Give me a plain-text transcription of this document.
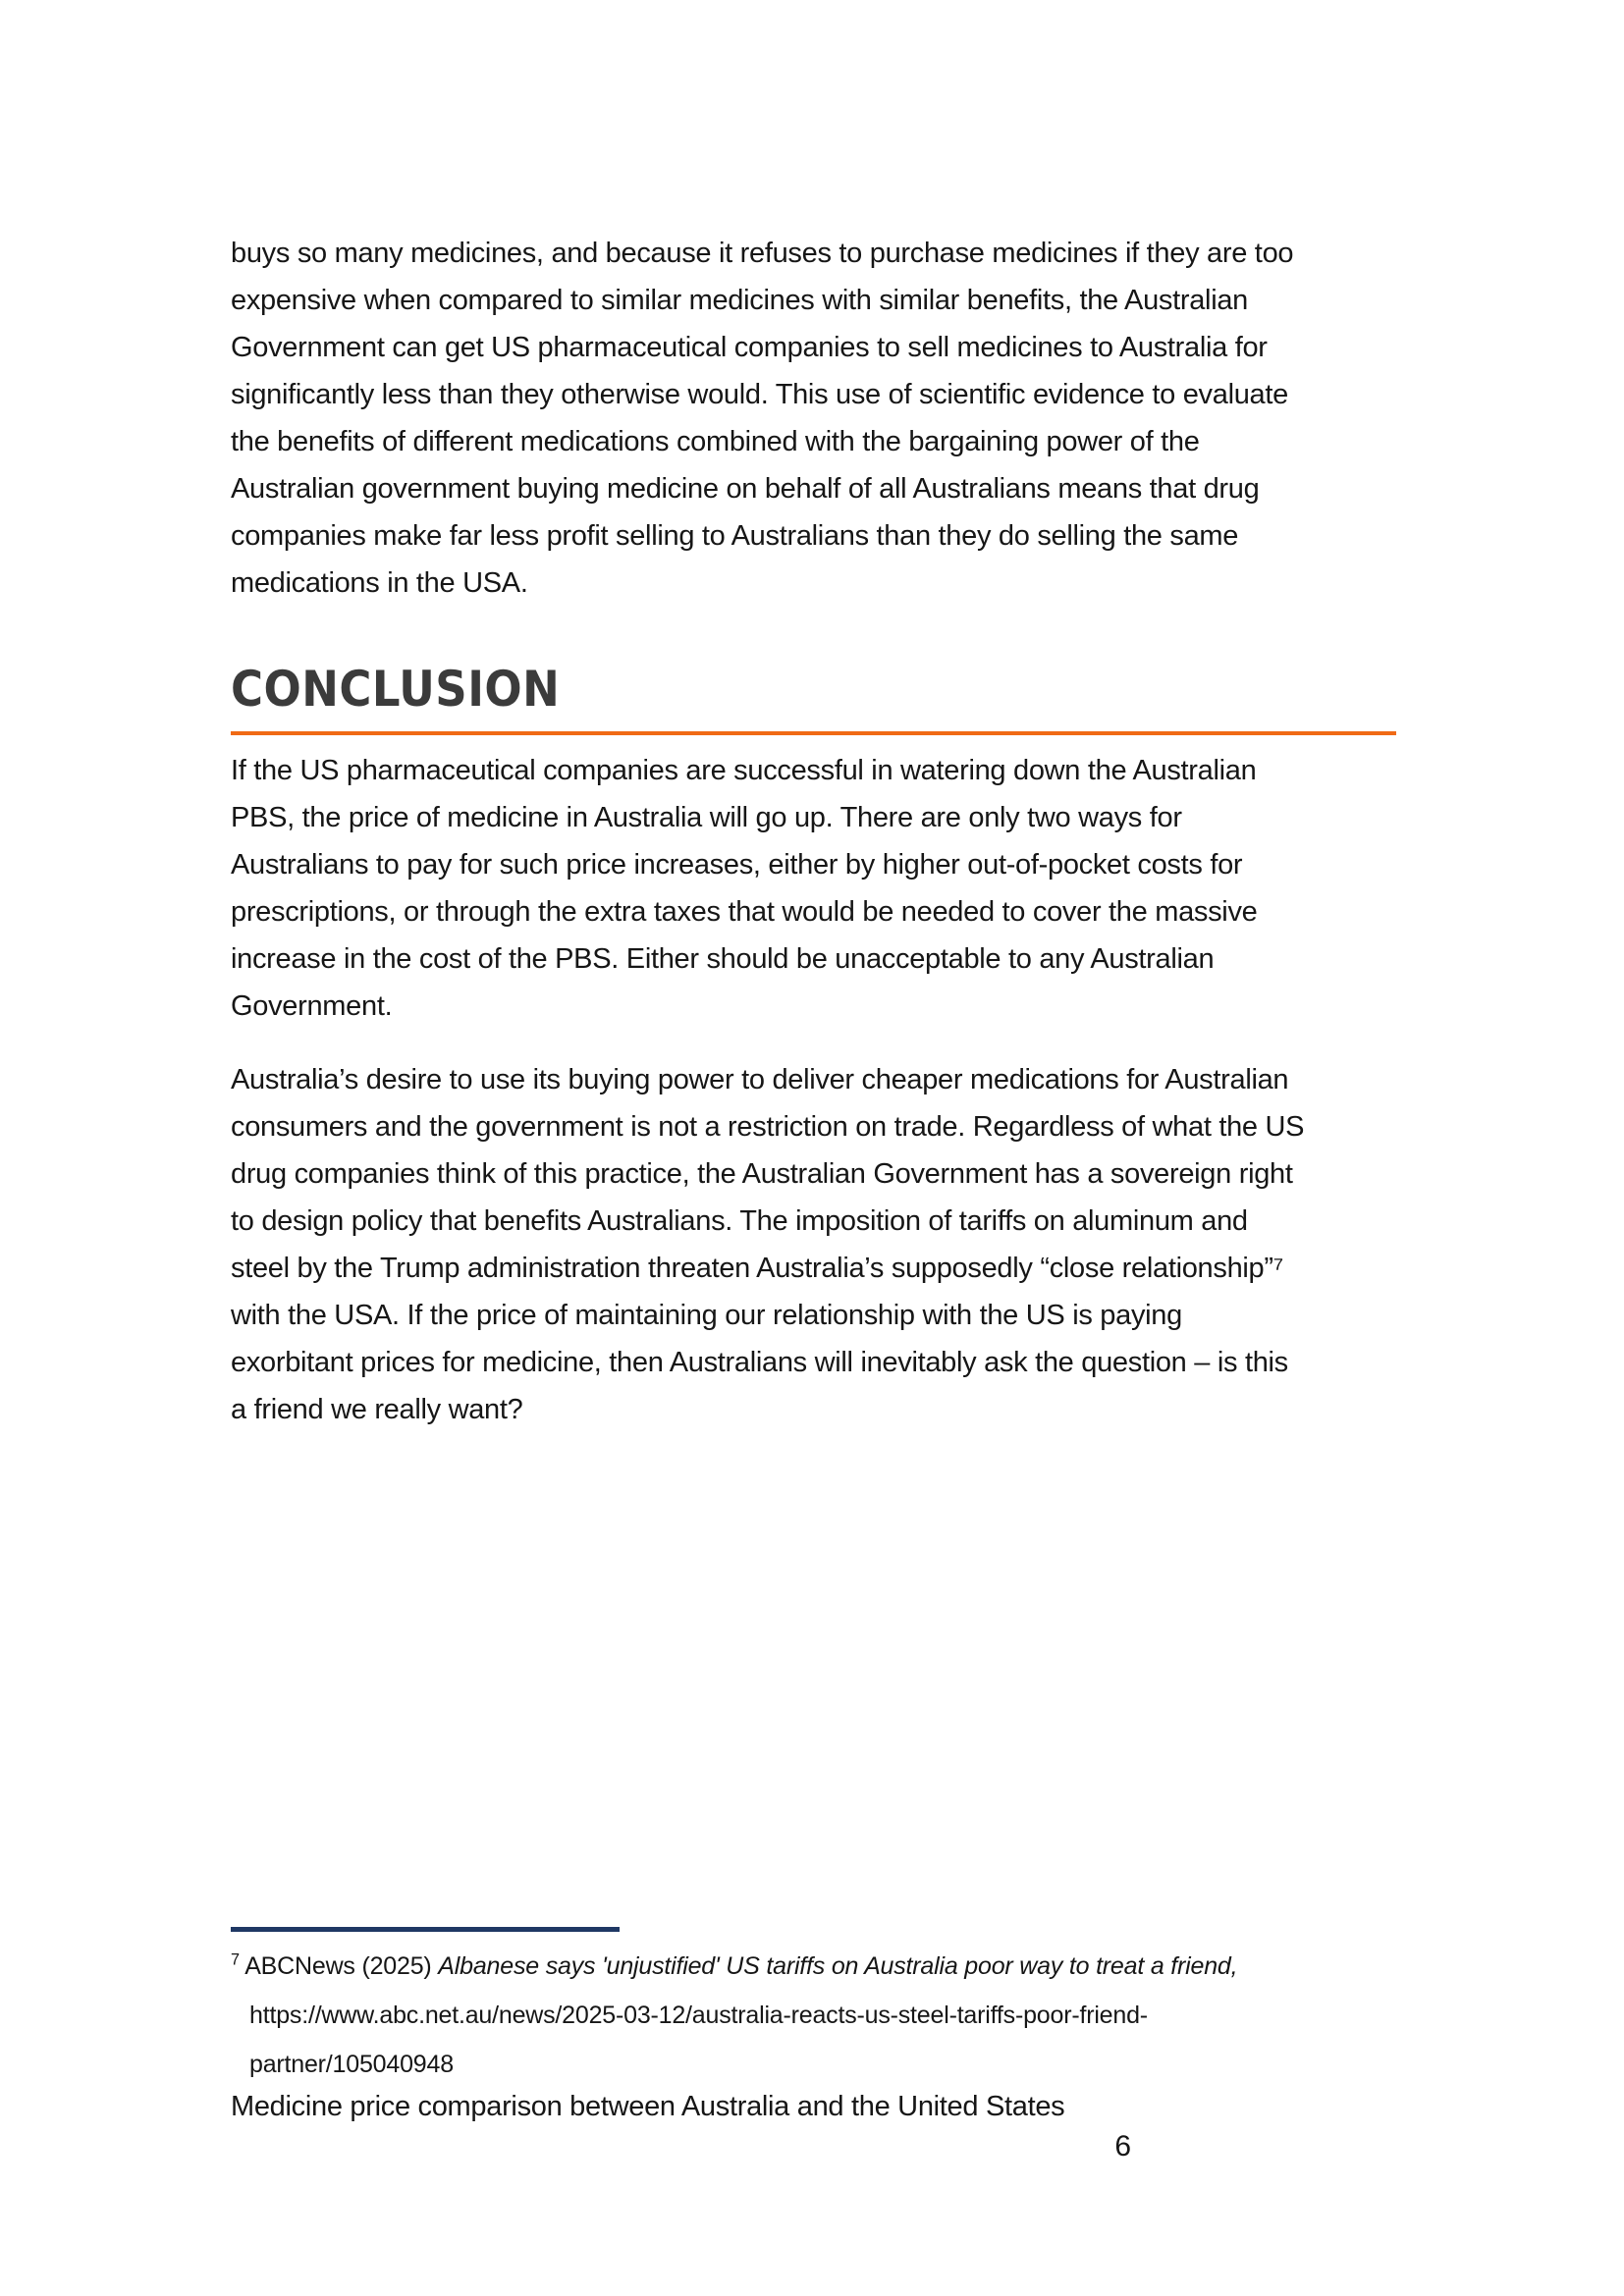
buys so many medicines, and because it refuses to purchase medicines if they are too
expensive when compared to similar medicines with similar benefits, the Australian
Government can get US pharmaceutical companies to sell medicines to Australia for
significantly less than they otherwise would. This use of scientific evidence to evaluate
the benefits of different medications combined with the bargaining power of the
Australian government buying medicine on behalf of all Australians means that drug
companies make far less profit selling to Australians than they do selling the same
medications in the USA.
CONCLUSION
If the US pharmaceutical companies are successful in watering down the Australian
PBS, the price of medicine in Australia will go up. There are only two ways for
Australians to pay for such price increases, either by higher out-of-pocket costs for
prescriptions, or through the extra taxes that would be needed to cover the massive
increase in the cost of the PBS. Either should be unacceptable to any Australian
Government.
Australia’s desire to use its buying power to deliver cheaper medications for Australian
consumers and the government is not a restriction on trade. Regardless of what the US
drug companies think of this practice, the Australian Government has a sovereign right
to design policy that benefits Australians. The imposition of tariffs on aluminum and
steel by the Trump administration threaten Australia’s supposedly “close relationship”⁷
with the USA. If the price of maintaining our relationship with the US is paying
exorbitant prices for medicine, then Australians will inevitably ask the question – is this
a friend we really want?
$^7$ ABCNews (2025) Albanese says 'unjustified' US tariffs on Australia poor way to treat a friend,
https://www.abc.net.au/news/2025-03-12/australia-reacts-us-steel-tariffs-poor-friend-
partner/105040948
Medicine price comparison between Australia and the United States
6
